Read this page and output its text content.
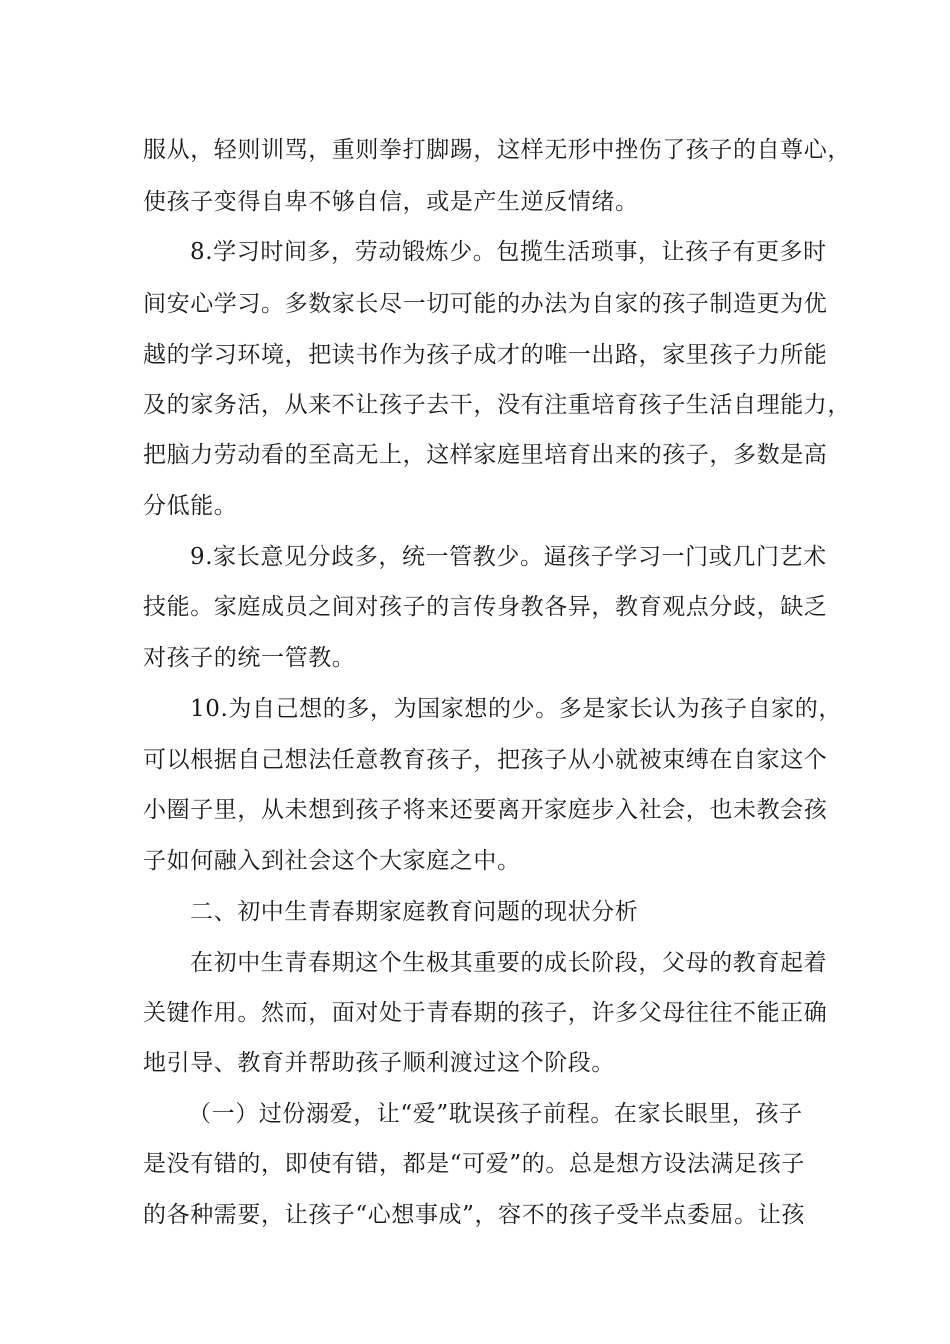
服从，轻则训骂，重则拳打脚踢，这样无形中挫伤了孩子的自尊心，
使孩子变得自卑不够自信，或是产生逆反情绪。
8.学习时间多，劳动锻炼少。包揽生活琐事，让孩子有更多时
间安心学习。多数家长尽一切可能的办法为自家的孩子制造更为优
越的学习环境，把读书作为孩子成才的唯一出路，家里孩子力所能
及的家务活，从来不让孩子去干，没有注重培育孩子生活自理能力，
把脑力劳动看的至高无上，这样家庭里培育出来的孩子，多数是高
分低能。
9.家长意见分歧多，统一管教少。逼孩子学习一门或几门艺术
技能。家庭成员之间对孩子的言传身教各异，教育观点分歧，缺乏
对孩子的统一管教。
10.为自己想的多，为国家想的少。多是家长认为孩子自家的，
可以根据自己想法任意教育孩子，把孩子从小就被束缚在自家这个
小圈子里，从未想到孩子将来还要离开家庭步入社会，也未教会孩
子如何融入到社会这个大家庭之中。
二、初中生青春期家庭教育问题的现状分析
在初中生青春期这个生极其重要的成长阶段，父母的教育起着
关键作用。然而，面对处于青春期的孩子，许多父母往往不能正确
地引导、教育并帮助孩子顺利渡过这个阶段。
（一）过份溺爱，让“爱”耽误孩子前程。在家长眼里，孩子
是没有错的，即使有错，都是“可爱”的。总是想方设法满足孩子
的各种需要，让孩子“心想事成”，容不的孩子受半点委屈。让孩
